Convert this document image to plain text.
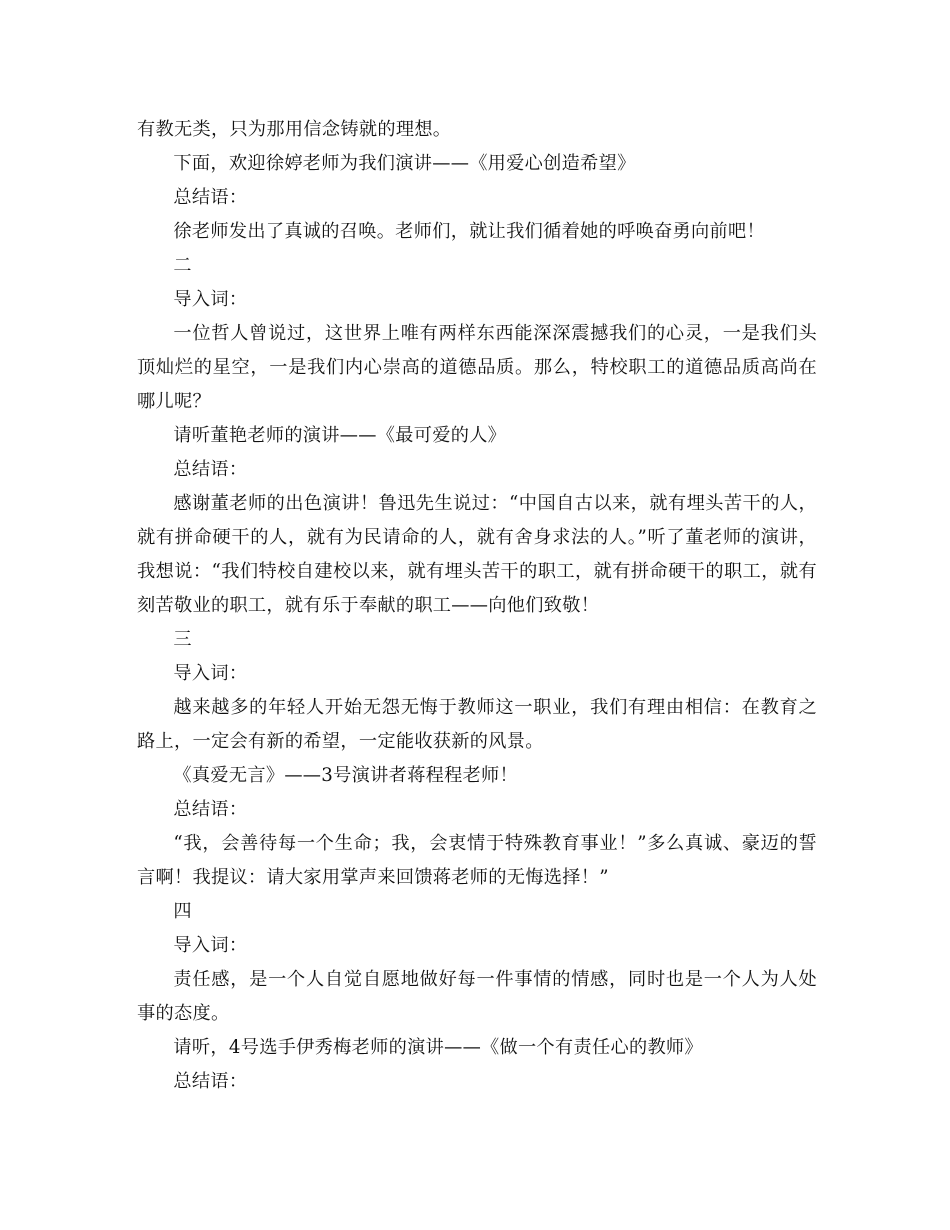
有教无类，只为那用信念铸就的理想。

下面，欢迎徐婷老师为我们演讲——《用爱心创造希望》

总结语：

徐老师发出了真诚的召唤。老师们，就让我们循着她的呼唤奋勇向前吧！

二

导入词：

一位哲人曾说过，这世界上唯有两样东西能深深震撼我们的心灵，一是我们头顶灿烂的星空，一是我们内心崇高的道德品质。那么，特校职工的道德品质高尚在哪儿呢？

请听董艳老师的演讲——《最可爱的人》

总结语：

感谢董老师的出色演讲！鲁迅先生说过：“中国自古以来，就有埋头苦干的人，就有拼命硬干的人，就有为民请命的人，就有舍身求法的人。”听了董老师的演讲，我想说：“我们特校自建校以来，就有埋头苦干的职工，就有拼命硬干的职工，就有刻苦敬业的职工，就有乐于奉献的职工——向他们致敬！

三

导入词：

越来越多的年轻人开始无怨无悔于教师这一职业，我们有理由相信：在教育之路上，一定会有新的希望，一定能收获新的风景。

《真爱无言》——3号演讲者蒋程程老师！

总结语：

“我，会善待每一个生命；我，会衷情于特殊教育事业！”多么真诚、豪迈的誓言啊！我提议：请大家用掌声来回馈蒋老师的无悔选择！”

四

导入词：

责任感，是一个人自觉自愿地做好每一件事情的情感，同时也是一个人为人处事的态度。

请听，4号选手伊秀梅老师的演讲——《做一个有责任心的教师》

总结语：
